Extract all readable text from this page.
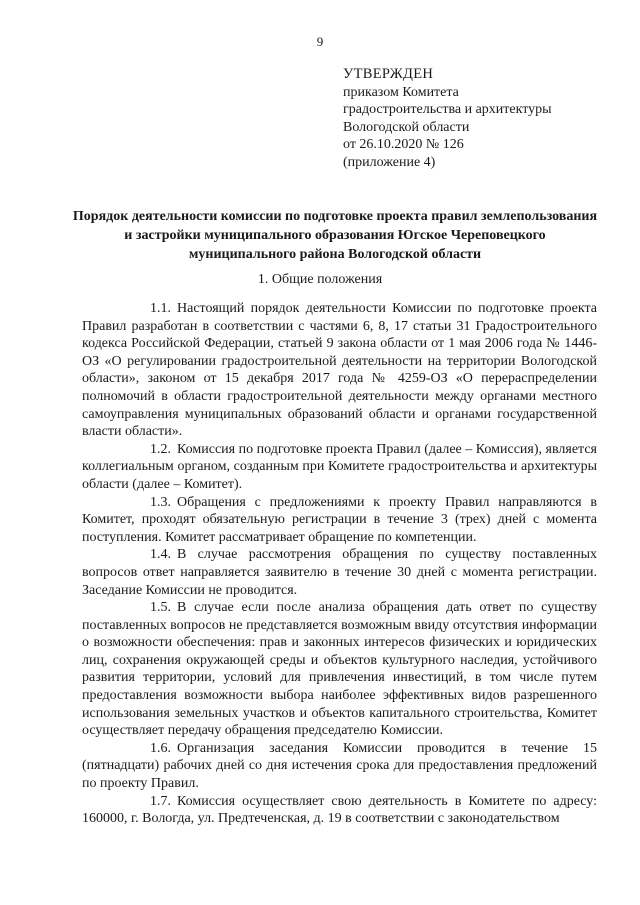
9
УТВЕРЖДЕН
приказом Комитета
градостроительства и архитектуры
Вологодской области
от 26.10.2020 № 126
(приложение 4)
Порядок деятельности комиссии по подготовке проекта правил землепользования и застройки муниципального образования Югское Череповецкого муниципального района Вологодской области
1. Общие положения

1.1. Настоящий порядок деятельности Комиссии по подготовке проекта Правил разработан в соответствии с частями 6, 8, 17 статьи 31 Градостроительного кодекса Российской Федерации, статьей 9 закона области от 1 мая 2006 года № 1446-ОЗ «О регулировании градостроительной деятельности на территории Вологодской области», законом от 15 декабря 2017 года № 4259-ОЗ «О перераспределении полномочий в области градостроительной деятельности между органами местного самоуправления муниципальных образований области и органами государственной власти области».

1.2. Комиссия по подготовке проекта Правил (далее – Комиссия), является коллегиальным органом, созданным при Комитете градостроительства и архитектуры области (далее – Комитет).

1.3. Обращения с предложениями к проекту Правил направляются в Комитет, проходят обязательную регистрации в течение 3 (трех) дней с момента поступления. Комитет рассматривает обращение по компетенции.

1.4. В случае рассмотрения обращения по существу поставленных вопросов ответ направляется заявителю в течение 30 дней с момента регистрации. Заседание Комиссии не проводится.

1.5. В случае если после анализа обращения дать ответ по существу поставленных вопросов не представляется возможным ввиду отсутствия информации о возможности обеспечения: прав и законных интересов физических и юридических лиц, сохранения окружающей среды и объектов культурного наследия, устойчивого развития территории, условий для привлечения инвестиций, в том числе путем предоставления возможности выбора наиболее эффективных видов разрешенного использования земельных участков и объектов капитального строительства, Комитет осуществляет передачу обращения председателю Комиссии.

1.6. Организация заседания Комиссии проводится в течение 15 (пятнадцати) рабочих дней со дня истечения срока для предоставления предложений по проекту Правил.

1.7. Комиссия осуществляет свою деятельность в Комитете по адресу: 160000, г. Вологда, ул. Предтеченская, д. 19 в соответствии с законодательством
